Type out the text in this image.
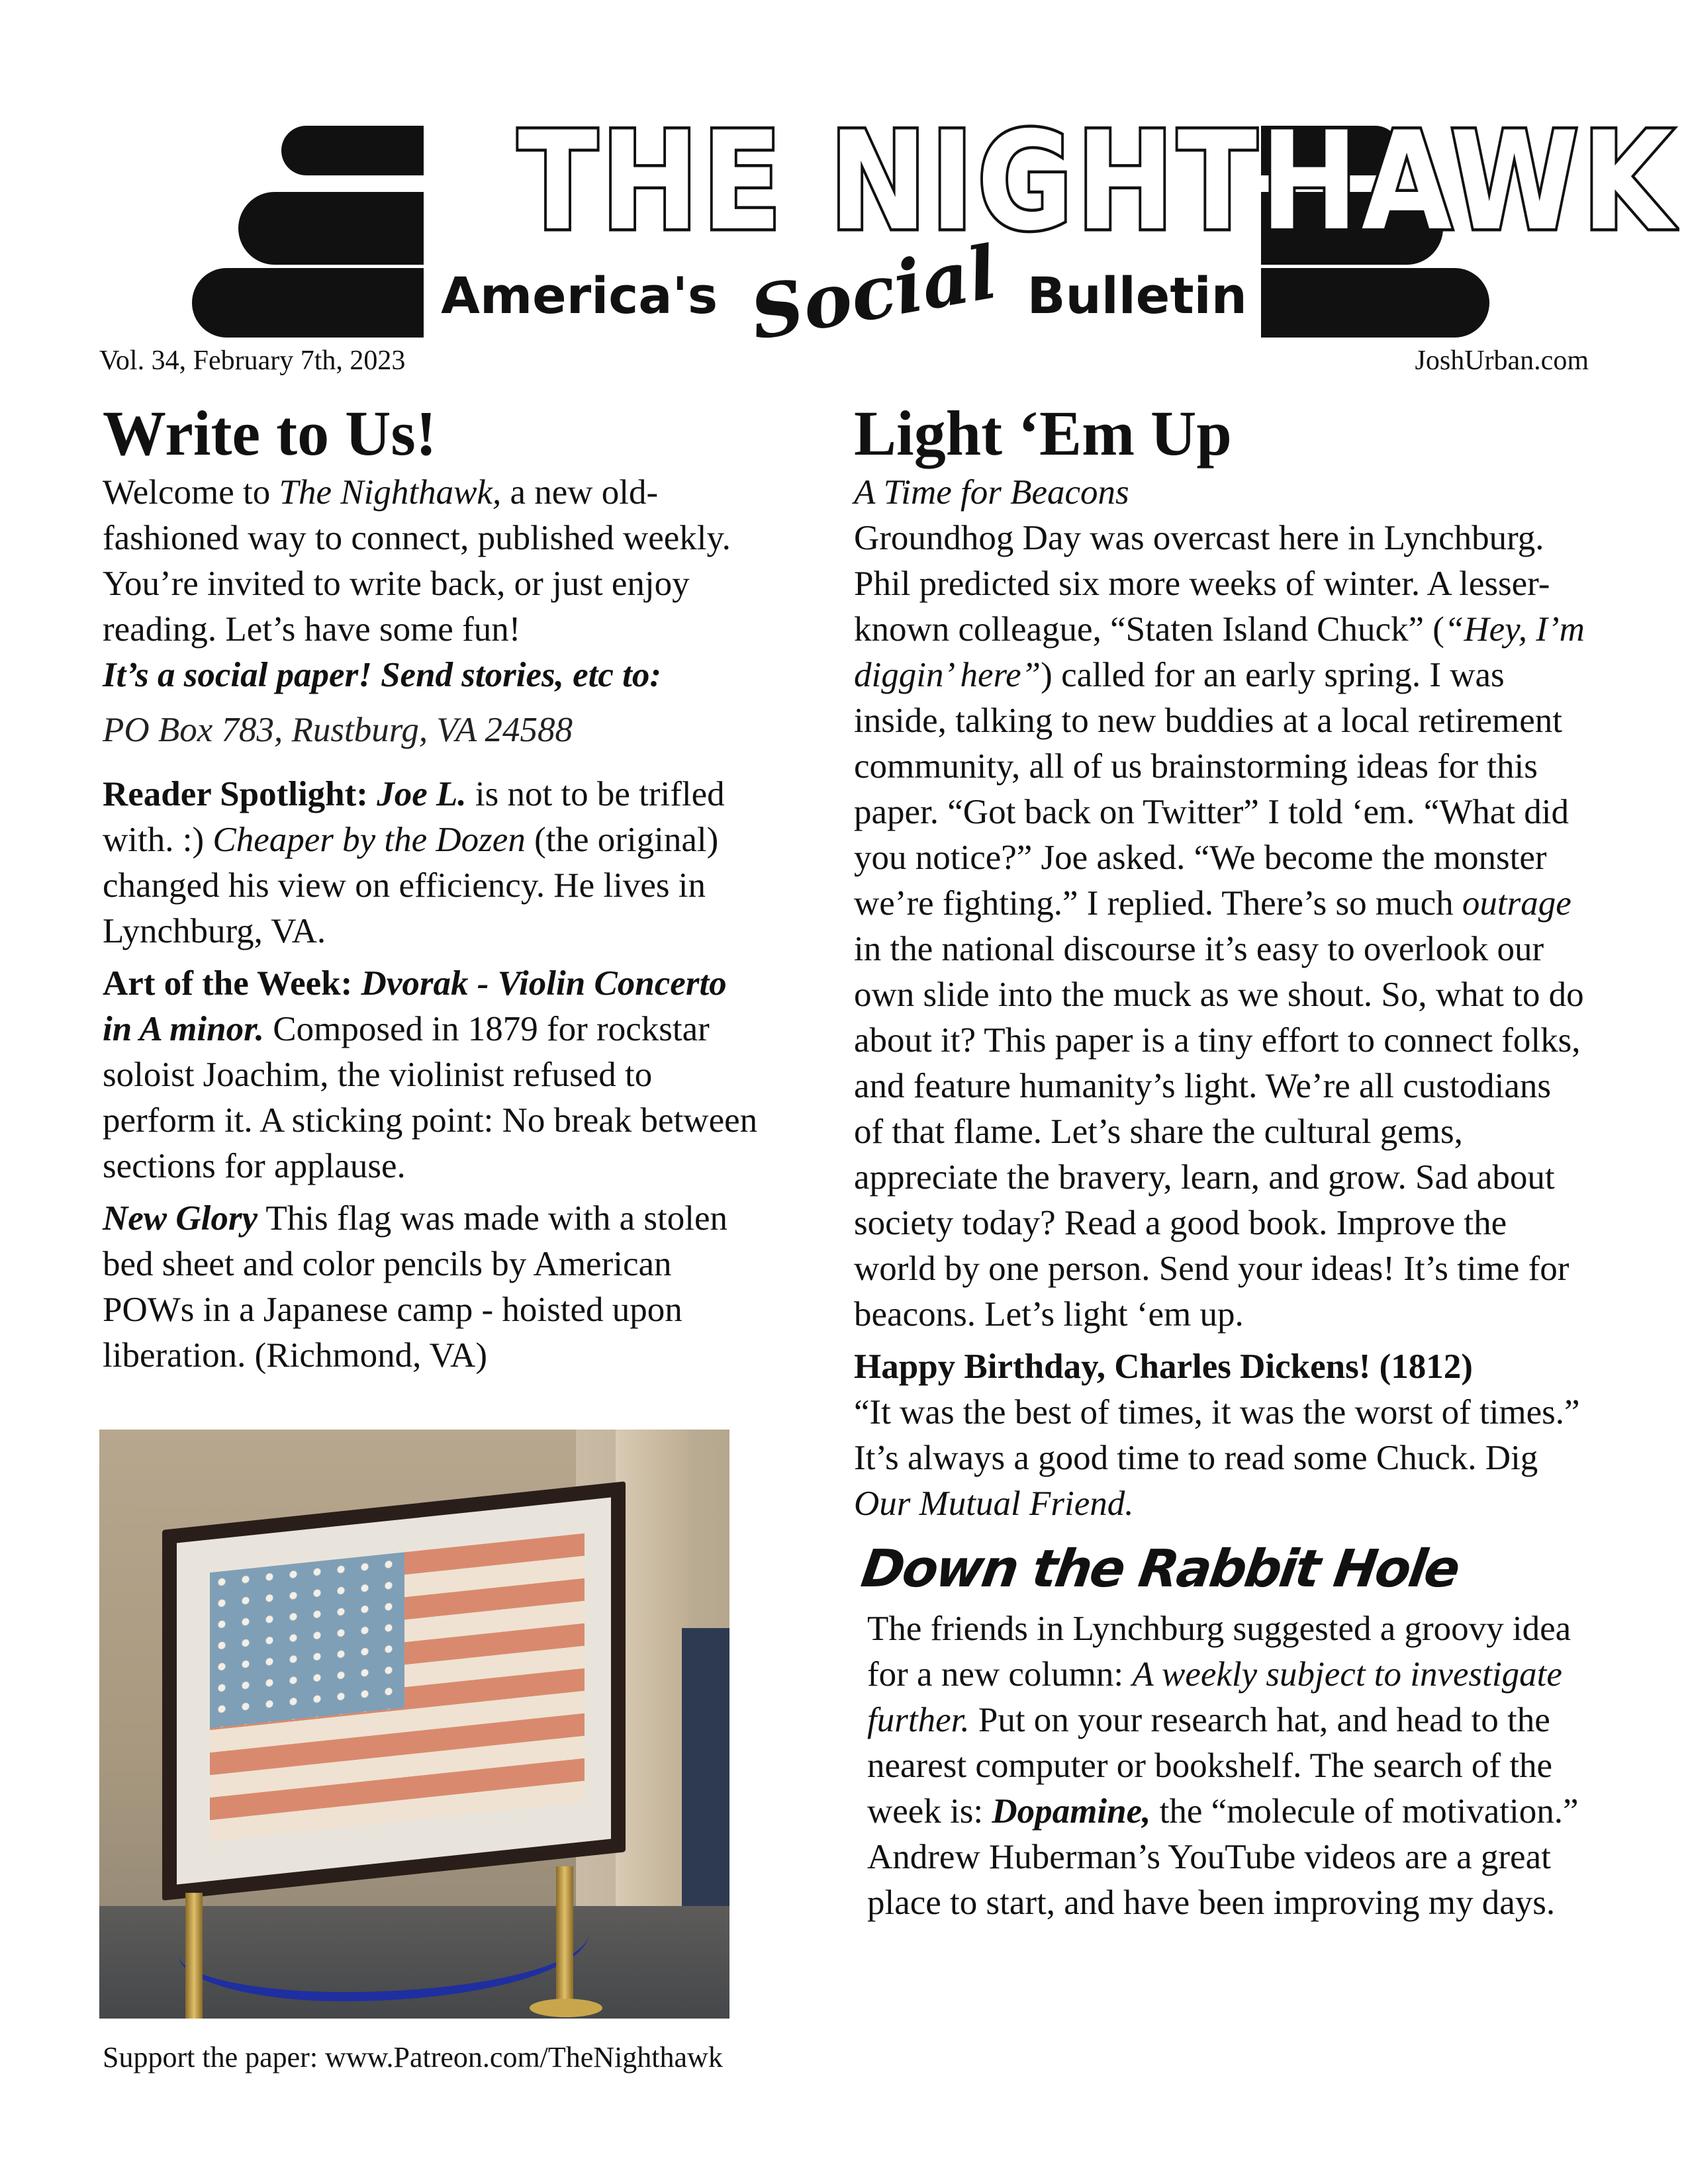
THE NIGHTHAWK
America's Social Bulletin
Vol. 34, February 7th, 2023	JoshUrban.com
Write to Us!

Welcome to The Nighthawk, a new old-fashioned way to connect, published weekly. You’re invited to write back, or just enjoy reading. Let’s have some fun!

It’s a social paper! Send stories, etc to:

PO Box 783, Rustburg, VA 24588

Reader Spotlight: Joe L. is not to be trifled with. :) Cheaper by the Dozen (the original) changed his view on efficiency. He lives in Lynchburg, VA.

Art of the Week: Dvorak - Violin Concerto in A minor. Composed in 1879 for rockstar soloist Joachim, the violinist refused to perform it. A sticking point: No break between sections for applause.

New Glory This flag was made with a stolen bed sheet and color pencils by American POWs in a Japanese camp - hoisted upon liberation. (Richmond, VA)

Support the paper: www.Patreon.com/TheNighthawk
Light ‘Em Up

A Time for Beacons

Groundhog Day was overcast here in Lynchburg. Phil predicted six more weeks of winter. A lesser-known colleague, “Staten Island Chuck” (“Hey, I’m diggin’ here”) called for an early spring. I was inside, talking to new buddies at a local retirement community, all of us brainstorming ideas for this paper. “Got back on Twitter” I told ‘em. “What did you notice?” Joe asked. “We become the monster we’re fighting.” I replied. There’s so much outrage in the national discourse it’s easy to overlook our own slide into the muck as we shout. So, what to do about it? This paper is a tiny effort to connect folks, and feature humanity’s light. We’re all custodians of that flame. Let’s share the cultural gems, appreciate the bravery, learn, and grow. Sad about society today? Read a good book. Improve the world by one person. Send your ideas! It’s time for beacons. Let’s light ‘em up.

Happy Birthday, Charles Dickens! (1812)

“It was the best of times, it was the worst of times.” It’s always a good time to read some Chuck. Dig Our Mutual Friend.

Down the Rabbit Hole

The friends in Lynchburg suggested a groovy idea for a new column: A weekly subject to investigate further. Put on your research hat, and head to the nearest computer or bookshelf. The search of the week is: Dopamine, the “molecule of motivation.” Andrew Huberman’s YouTube videos are a great place to start, and have been improving my days.
